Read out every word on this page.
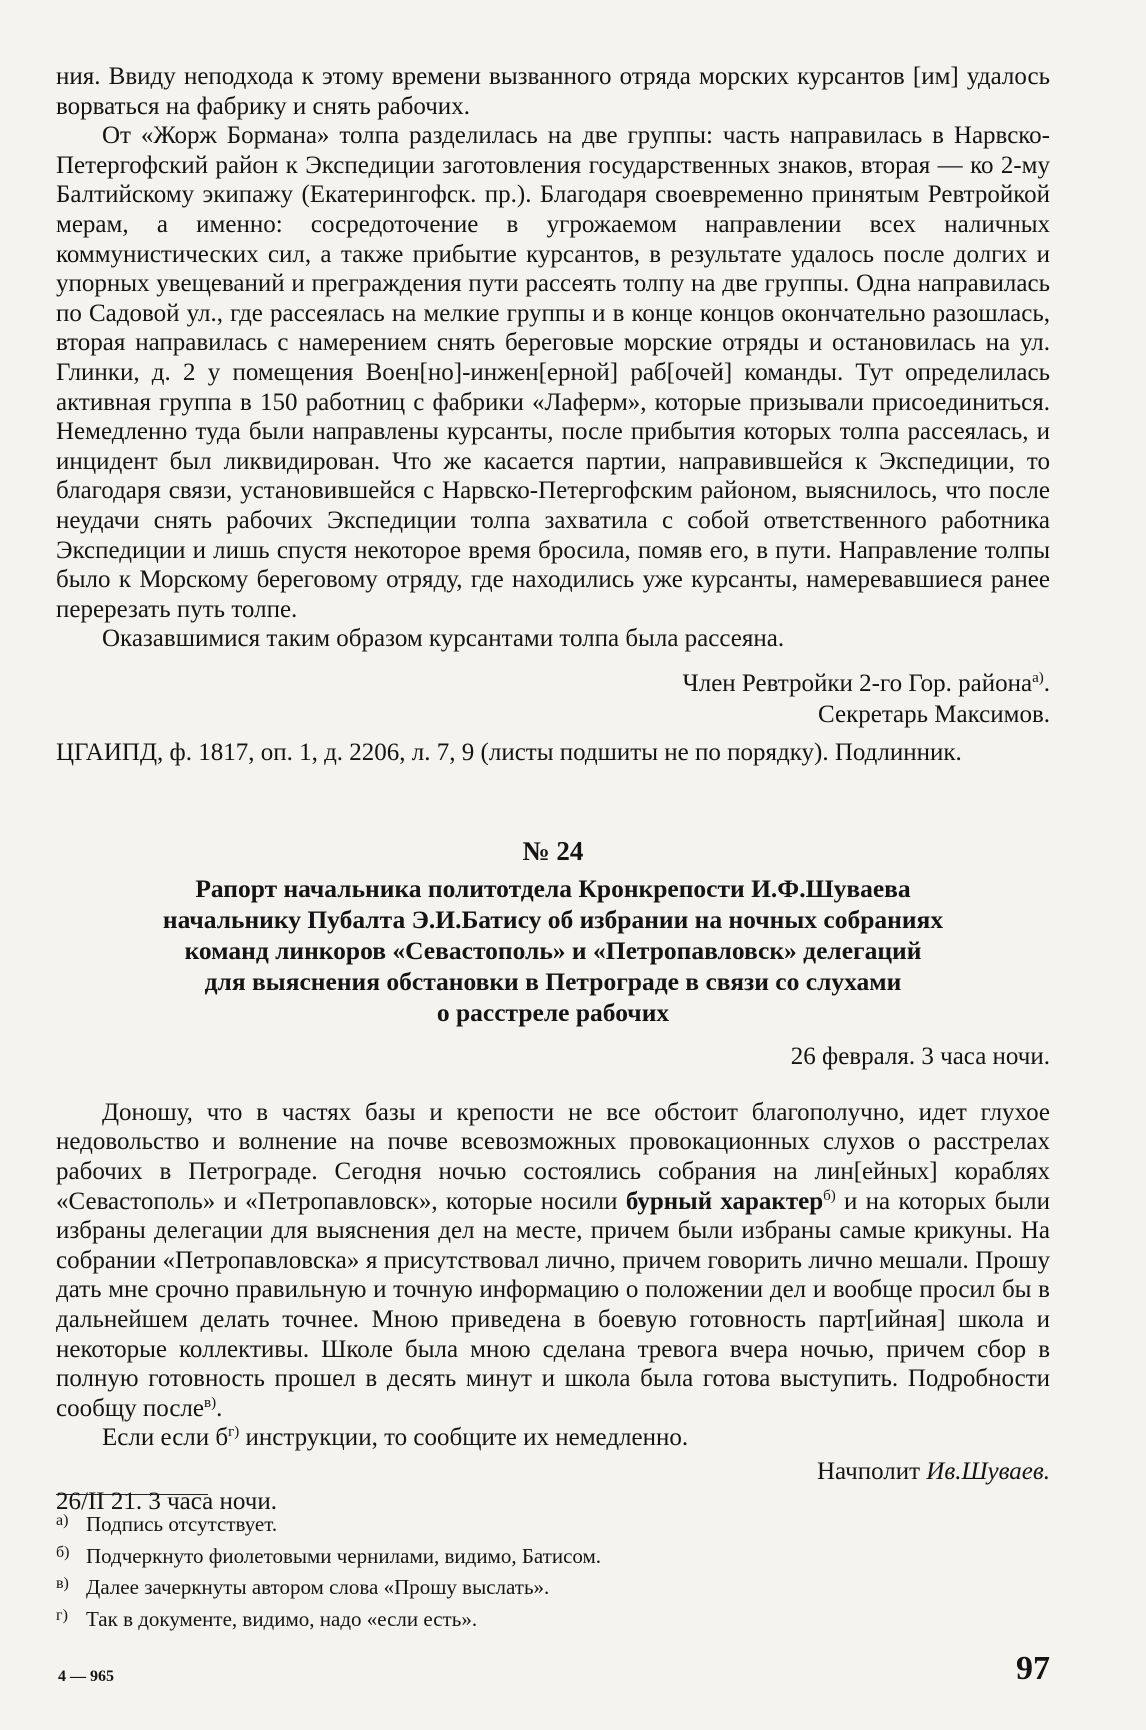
ния. Ввиду неподхода к этому времени вызванного отряда морских курсантов [им] удалось ворваться на фабрику и снять рабочих.

От «Жорж Бормана» толпа разделилась на две группы: часть направилась в Нарвско-Петергофский район к Экспедиции заготовления государственных знаков, вторая — ко 2-му Балтийскому экипажу (Екатерингофск. пр.). Благодаря своевременно принятым Ревтройкой мерам, а именно: сосредоточение в угрожаемом направлении всех наличных коммунистических сил, а также прибытие курсантов, в результате удалось после долгих и упорных увещеваний и преграждения пути рассеять толпу на две группы. Одна направилась по Садовой ул., где рассеялась на мелкие группы и в конце концов окончательно разошлась, вторая направилась с намерением снять береговые морские отряды и остановилась на ул. Глинки, д. 2 у помещения Воен[но]-инжен[ерной] раб[очей] команды. Тут определилась активная группа в 150 работниц с фабрики «Лаферм», которые призывали присоединиться. Немедленно туда были направлены курсанты, после прибытия которых толпа рассеялась, и инцидент был ликвидирован. Что же касается партии, направившейся к Экспедиции, то благодаря связи, установившейся с Нарвско-Петергофским районом, выяснилось, что после неудачи снять рабочих Экспедиции толпа захватила с собой ответственного работника Экспедиции и лишь спустя некоторое время бросила, помяв его, в пути. Направление толпы было к Морскому береговому отряду, где находились уже курсанты, намеревавшиеся ранее перерезать путь толпе.

Оказавшимися таким образом курсантами толпа была рассеяна.

Член Ревтройки 2-го Гор. района$^{а)}$.

Секретарь Максимов.

ЦГАИПД, ф. 1817, оп. 1, д. 2206, л. 7, 9 (листы подшиты не по порядку). Подлинник.

№ 24

Рапорт начальника политотдела Кронкрепости И.Ф.Шуваева

начальнику Пубалта Э.И.Батису об избрании на ночных собраниях

команд линкоров «Севастополь» и «Петропавловск» делегаций

для выяснения обстановки в Петрограде в связи со слухами

о расстреле рабочих

26 февраля. 3 часа ночи.

Доношу, что в частях базы и крепости не все обстоит благополучно, идет глухое недовольство и волнение на почве всевозможных провокационных слухов о расстрелах рабочих в Петрограде. Сегодня ночью состоялись собрания на лин[ейных] кораблях «Севастополь» и «Петропавловск», которые носили бурный характер$^{б)}$ и на которых были избраны делегации для выяснения дел на месте, причем были избраны самые крикуны. На собрании «Петропавловска» я присутствовал лично, причем говорить лично мешали. Прошу дать мне срочно правильную и точную информацию о положении дел и вообще просил бы в дальнейшем делать точнее. Мною приведена в боевую готовность парт[ийная] школа и некоторые коллективы. Школе была мною сделана тревога вчера ночью, причем сбор в полную готовность прошел в десять минут и школа была готова выступить. Подробности сообщу после$^{в)}$.

Если если $б^{г)}$ инструкции, то сообщите их немедленно.

Начполит Ив.Шуваев.

26/II 21. 3 часа ночи.

а) Подпись отсутствует.

б) Подчеркнуто фиолетовыми чернилами, видимо, Батисом.

в) Далее зачеркнуты автором слова «Прошу выслать».

г) Так в документе, видимо, надо «если есть».

4 — 965	97
